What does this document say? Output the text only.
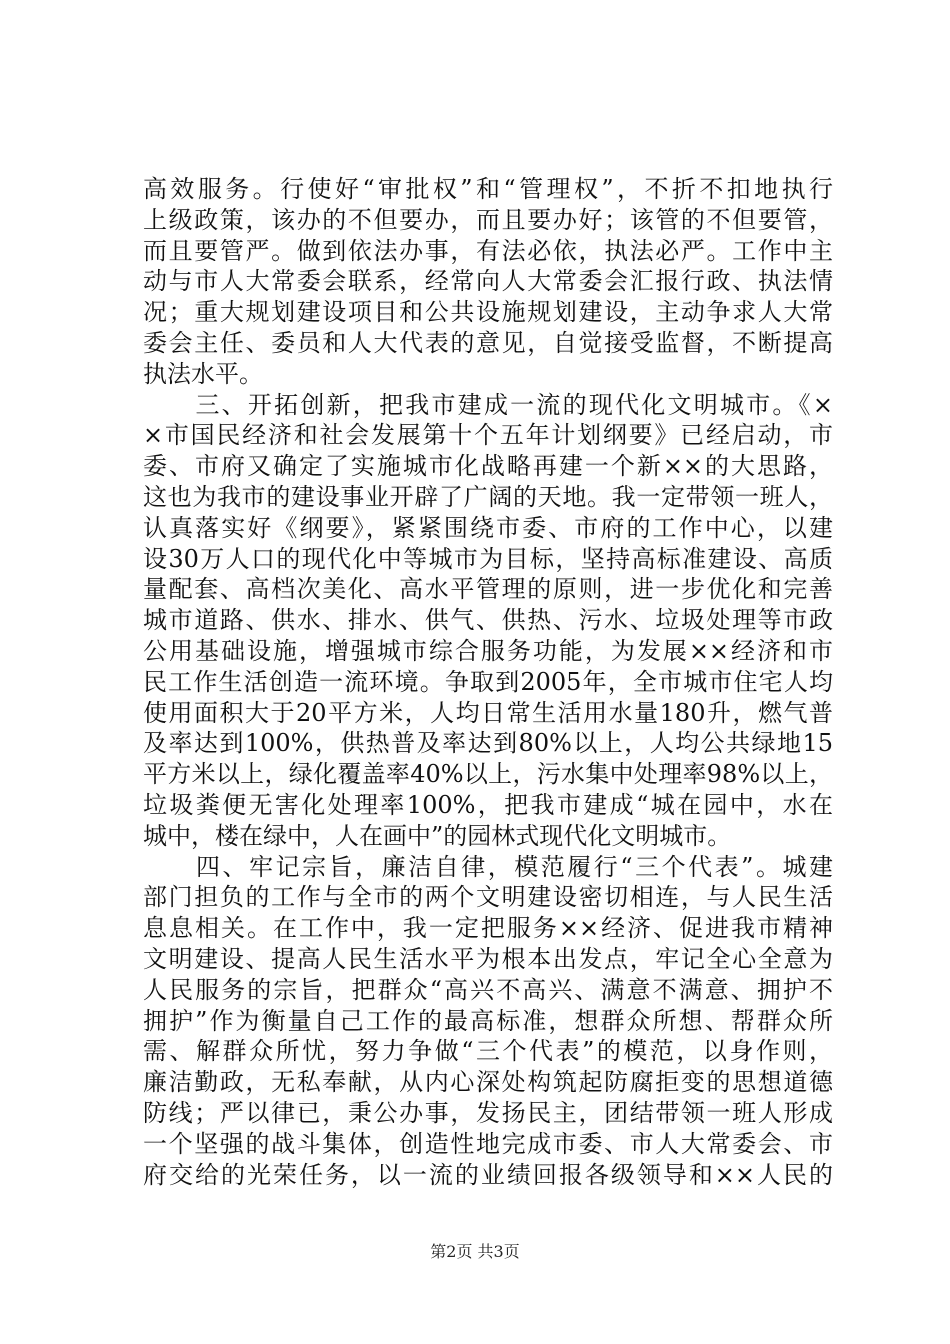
高效服务。行使好“审批权”和“管理权”，不折不扣地执行
上级政策，该办的不但要办，而且要办好；该管的不但要管，
而且要管严。做到依法办事，有法必依，执法必严。工作中主
动与市人大常委会联系，经常向人大常委会汇报行政、执法情
况；重大规划建设项目和公共设施规划建设，主动争求人大常
委会主任、委员和人大代表的意见，自觉接受监督，不断提高
执法水平。
　　三、开拓创新，把我市建成一流的现代化文明城市。《×
×市国民经济和社会发展第十个五年计划纲要》已经启动，市
委、市府又确定了实施城市化战略再建一个新××的大思路，
这也为我市的建设事业开辟了广阔的天地。我一定带领一班人，
认真落实好《纲要》，紧紧围绕市委、市府的工作中心，以建
设30万人口的现代化中等城市为目标，坚持高标准建设、高质
量配套、高档次美化、高水平管理的原则，进一步优化和完善
城市道路、供水、排水、供气、供热、污水、垃圾处理等市政
公用基础设施，增强城市综合服务功能，为发展××经济和市
民工作生活创造一流环境。争取到2005年，全市城市住宅人均
使用面积大于20平方米，人均日常生活用水量180升，燃气普
及率达到100%，供热普及率达到80%以上，人均公共绿地15
平方米以上，绿化覆盖率40%以上，污水集中处理率98%以上，
垃圾粪便无害化处理率100%，把我市建成“城在园中，水在
城中，楼在绿中，人在画中”的园林式现代化文明城市。
　　四、牢记宗旨，廉洁自律，模范履行“三个代表”。城建
部门担负的工作与全市的两个文明建设密切相连，与人民生活
息息相关。在工作中，我一定把服务××经济、促进我市精神
文明建设、提高人民生活水平为根本出发点，牢记全心全意为
人民服务的宗旨，把群众“高兴不高兴、满意不满意、拥护不
拥护”作为衡量自己工作的最高标准，想群众所想、帮群众所
需、解群众所忧，努力争做“三个代表”的模范，以身作则，
廉洁勤政，无私奉献，从内心深处构筑起防腐拒变的思想道德
防线；严以律已，秉公办事，发扬民主，团结带领一班人形成
一个坚强的战斗集体，创造性地完成市委、市人大常委会、市
府交给的光荣任务，以一流的业绩回报各级领导和××人民的
第2页 共3页
